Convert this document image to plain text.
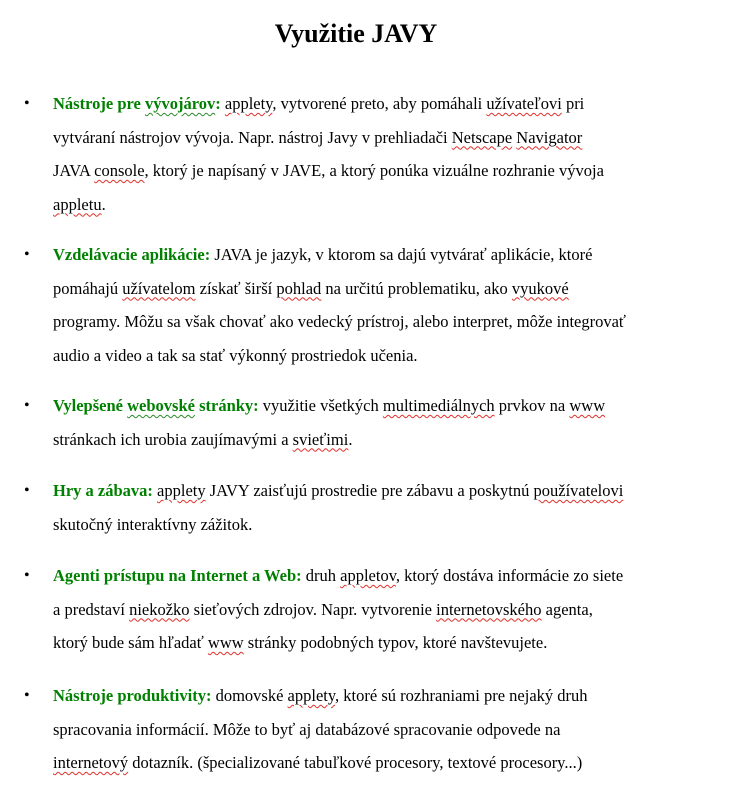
Využitie JAVY
• Nástroje pre vývojárov: applety, vytvorené preto, aby pomáhali užívateľovi pri
vytváraní nástrojov vývoja. Napr. nástroj Javy v prehliadači Netscape Navigator
JAVA console, ktorý je napísaný v JAVE, a ktorý ponúka vizuálne rozhranie vývoja
appletu.
• Vzdelávacie aplikácie: JAVA je jazyk, v ktorom sa dajú vytvárať aplikácie, ktoré
pomáhajú užívatelom získať širší pohlad na určitú problematiku, ako vyukové
programy. Môžu sa však chovať ako vedecký prístroj, alebo interpret, môže integrovať
audio a video a tak sa stať výkonný prostriedok učenia.
• Vylepšené webovské stránky: využitie všetkých multimediálnych prvkov na www
stránkach ich urobia zaujímavými a svieťimi.
• Hry a zábava: applety JAVY zaisťujú prostredie pre zábavu a poskytnú používatelovi
skutočný interaktívny zážitok.
• Agenti prístupu na Internet a Web: druh appletov, ktorý dostáva informácie zo siete
a predstaví niekožko sieťových zdrojov. Napr. vytvorenie internetovského agenta,
ktorý bude sám hľadať www stránky podobných typov, ktoré navštevujete.
• Nástroje produktivity: domovské applety, ktoré sú rozhraniami pre nejaký druh
spracovania informácií. Môže to byť aj databázové spracovanie odpovede na
internetový dotazník. (špecializované tabuľkové procesory, textové procesory...)
